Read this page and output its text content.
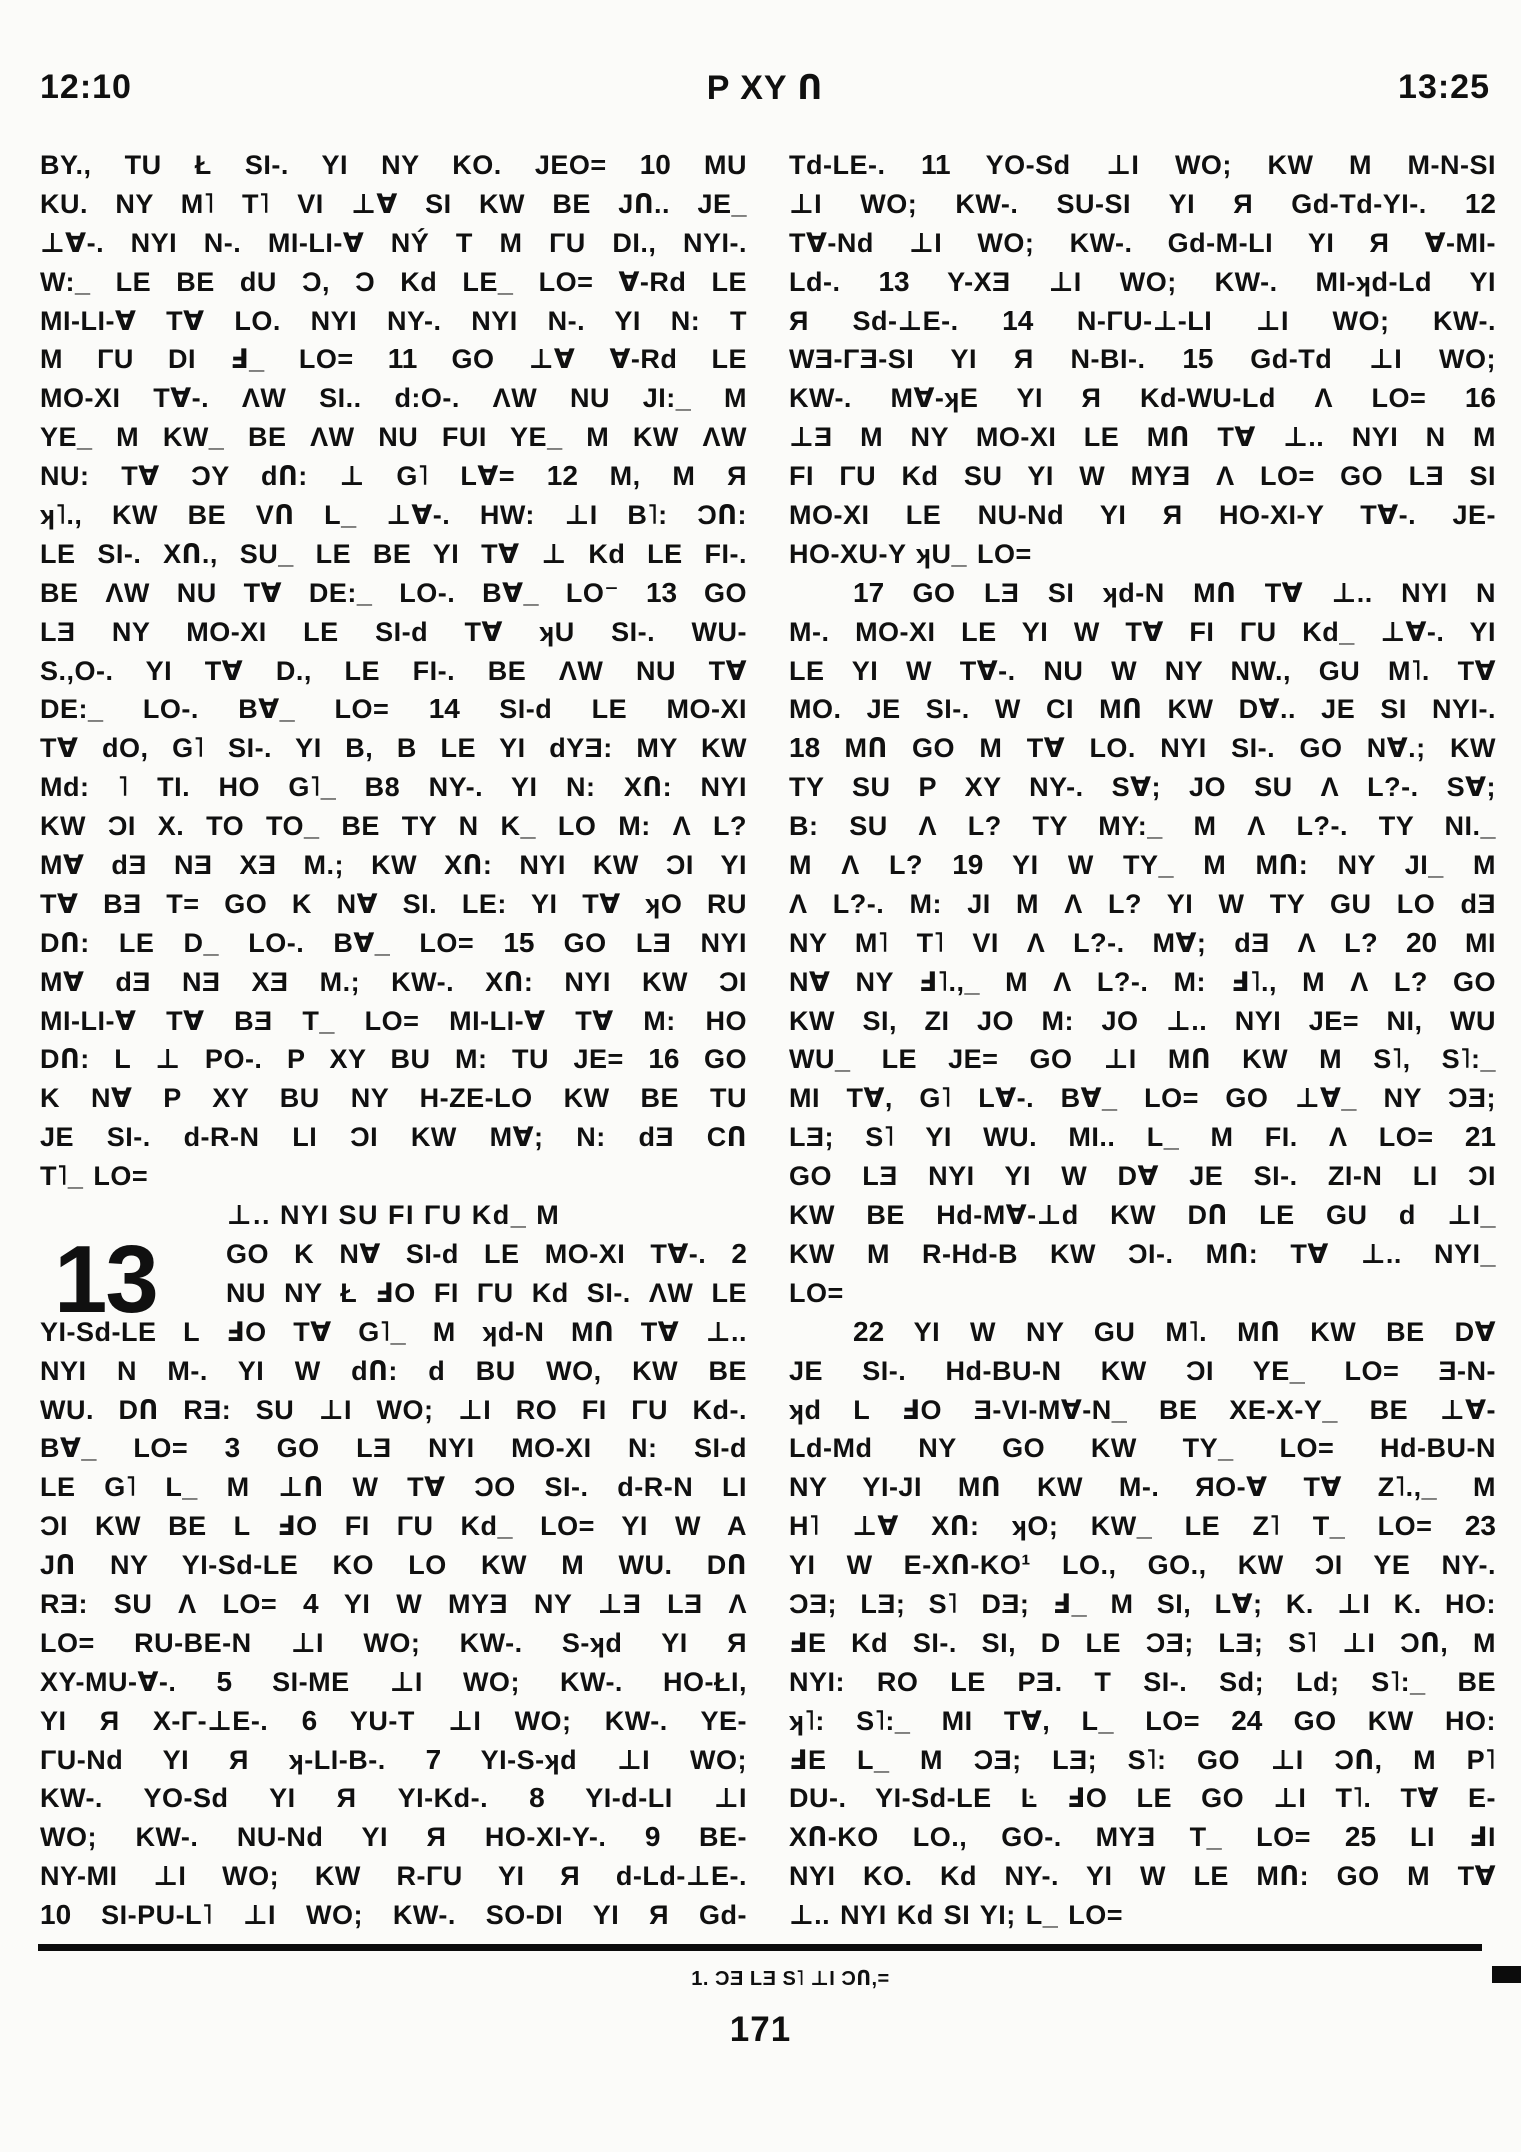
12:10	P XY Ո	13:25
BY., TU Ł SI-. YI NY KO. JEO= 10 MU
KU. NY M˥ T˥ VI ⊥∀ SI KW BE JՈ.. JE_
⊥∀-. NYI N-. MI-LI-∀ NÝ T M ΓU DI., NYI-.
W:_ LE BE dU Ɔ, Ɔ Kd LE_ LO= ∀-Rd LE
MI-LI-∀ T∀ LO. NYI NY-. NYI N-. YI N: T
M ΓU DI Ⅎ_ LO= 11 GO ⊥∀ ∀-Rd LE
MO-XI T∀-. ΛW SI.. d:O-. ΛW NU JI:_ M
YE_ M KW_ BE ΛW NU FUI YE_ M KW ΛW
NU: T∀ ƆY dՈ: ⊥ G˥ L∀= 12 M, M Я
ʞ˥., KW BE VՈ L_ ⊥∀-. HW: ⊥I B˥: ƆՈ:
LE SI-. XՈ., SU_ LE BE YI T∀ ⊥ Kd LE FI-.
BE ΛW NU T∀ DE:_ LO-. B∀_ LO⁻ 13 GO
LƎ NY MO-XI LE SI-d T∀ ʞU SI-. WU-
S.,O-. YI T∀ D., LE FI-. BE ΛW NU T∀
DE:_ LO-. B∀_ LO= 14 SI-d LE MO-XI
T∀ dO, G˥ SI-. YI B, B LE YI dYƎ: MY KW
Md: ˥ TI. HO G˥_ B8 NY-. YI N: XՈ: NYI
KW ƆI X. TO TO_ BE TY N K_ LO M: Λ L?
M∀ dƎ NƎ XƎ M.; KW XՈ: NYI KW ƆI YI
T∀ BƎ T= GO K N∀ SI. LE: YI T∀ ʞO RU
DՈ: LE D_ LO-. B∀_ LO= 15 GO LƎ NYI
M∀ dƎ NƎ XƎ M.; KW-. XՈ: NYI KW ƆI
MI-LI-∀ T∀ BƎ T_ LO= MI-LI-∀ T∀ M: HO
DՈ: L ⊥ PO-. P XY BU M: TU JE= 16 GO
K N∀ P XY BU NY H-ZE-LO KW BE TU
JE SI-. d-R-N LI ƆI KW M∀; N: dƎ CՈ
T˥_ LO=
⊥.. NYI SU FI ΓU Kd_ M
13	GO K N∀ SI-d LE MO-XI T∀-. 2
NU NY Ł ℲO FI ΓU Kd SI-. ΛW LE
YI-Sd-LE L ℲO T∀ G˥_ M ʞd-N MՈ T∀ ⊥..
NYI N M-. YI W dՈ: d BU WO, KW BE
WU. DՈ RƎ: SU ⊥I WO; ⊥I RO FI ΓU Kd-.
B∀_ LO= 3 GO LƎ NYI MO-XI N: SI-d
LE G˥ L_ M ⊥Ո W T∀ ƆO SI-. d-R-N LI
ƆI KW BE L ℲO FI ΓU Kd_ LO= YI W A
JՈ NY YI-Sd-LE KO LO KW M WU. DՈ
RƎ: SU Λ LO= 4 YI W MYƎ NY ⊥Ǝ LƎ Λ
LO= RU-BE-N ⊥I WO; KW-. S-ʞd YI Я
XY-MU-∀-. 5 SI-ME ⊥I WO; KW-. HO-ŁI,
YI Я X-Γ-⊥E-. 6 YU-T ⊥I WO; KW-. YE-
ΓU-Nd YI Я ʞ-LI-B-. 7 YI-S-ʞd ⊥I WO;
KW-. YO-Sd YI Я YI-Kd-. 8 YI-d-LI ⊥I
WO; KW-. NU-Nd YI Я HO-XI-Y-. 9 BE-
NY-MI ⊥I WO; KW R-ΓU YI Я d-Ld-⊥E-.
10 SI-PU-L˥ ⊥I WO; KW-. SO-DI YI Я Gd-
Td-LE-. 11 YO-Sd ⊥I WO; KW M M-N-SI
⊥I WO; KW-. SU-SI YI Я Gd-Td-YI-. 12
T∀-Nd ⊥I WO; KW-. Gd-M-LI YI Я ∀-MI-
Ld-. 13 Y-XƎ ⊥I WO; KW-. MI-ʞd-Ld YI
Я Sd-⊥E-. 14 N-ΓU-⊥-LI ⊥I WO; KW-.
WƎ-ΓƎ-SI YI Я N-BI-. 15 Gd-Td ⊥I WO;
KW-. M∀-ʞE YI Я Kd-WU-Ld Λ LO= 16
⊥Ǝ M NY MO-XI LE MՈ T∀ ⊥.. NYI N M
FI ΓU Kd SU YI W MYƎ Λ LO= GO LƎ SI
MO-XI LE NU-Nd YI Я HO-XI-Y T∀-. JE-
HO-XU-Y ʞU_ LO=
17 GO LƎ SI ʞd-N MՈ T∀ ⊥.. NYI N
M-. MO-XI LE YI W T∀ FI ΓU Kd_ ⊥∀-. YI
LE YI W T∀-. NU W NY NW., GU M˥. T∀
MO. JE SI-. W CI MՈ KW D∀.. JE SI NYI-.
18 MՈ GO M T∀ LO. NYI SI-. GO N∀.; KW
TY SU P XY NY-. S∀; JO SU Λ L?-. S∀;
B: SU Λ L? TY MY:_ M Λ L?-. TY NI._
M Λ L? 19 YI W TY_ M MՈ: NY JI_ M
Λ L?-. M: JI M Λ L? YI W TY GU LO dƎ
NY M˥ T˥ VI Λ L?-. M∀; dƎ Λ L? 20 MI
N∀ NY Ⅎ˥.,_ M Λ L?-. M: Ⅎ˥., M Λ L? GO
KW SI, ZI JO M: JO ⊥.. NYI JE= NI, WU
WU_ LE JE= GO ⊥I MՈ KW M S˥, S˥:_
MI T∀, G˥ L∀-. B∀_ LO= GO ⊥∀_ NY ƆƎ;
LƎ; S˥ YI WU. MI.. L_ M FI. Λ LO= 21
GO LƎ NYI YI W D∀ JE SI-. ZI-N LI ƆI
KW BE Hd-M∀-⊥d KW DՈ LE GU d ⊥I_
KW M R-Hd-B KW ƆI-. MՈ: T∀ ⊥.. NYI_
LO=
22 YI W NY GU M˥. MՈ KW BE D∀
JE SI-. Hd-BU-N KW ƆI YE_ LO= Ǝ-N-
ʞd L ℲO Ǝ-VI-M∀-N_ BE XE-X-Y_ BE ⊥∀-
Ld-Md NY GO KW TY_ LO= Hd-BU-N
NY YI-JI MՈ KW M-. ЯO-∀ T∀ Z˥.,_ M
H˥ ⊥∀ XՈ: ʞO; KW_ LE Z˥ T_ LO= 23
YI W E-XՈ-KO¹ LO., GO., KW ƆI YE NY-.
ƆƎ; LƎ; S˥ DƎ; Ⅎ_ M SI, L∀; K. ⊥I K. HO:
ℲE Kd SI-. SI, D LE ƆƎ; LƎ; S˥ ⊥I ƆՈ, M
NYI: RO LE PƎ. T SI-. Sd; Ld; S˥:_ BE
ʞ˥: S˥:_ MI T∀, L_ LO= 24 GO KW HO:
ℲE L_ M ƆƎ; LƎ; S˥: GO ⊥I ƆՈ, M P˥
DU-. YI-Sd-LE Ŀ ℲO LE GO ⊥I T˥. T∀ E-
XՈ-KO LO., GO-. MYƎ T_ LO= 25 LI ℲI
NYI KO. Kd NY-. YI W LE MՈ: GO M T∀
⊥.. NYI Kd SI YI; L_ LO=
1. ƆƎ LƎ S˥ ⊥I ƆՈ,=
171
